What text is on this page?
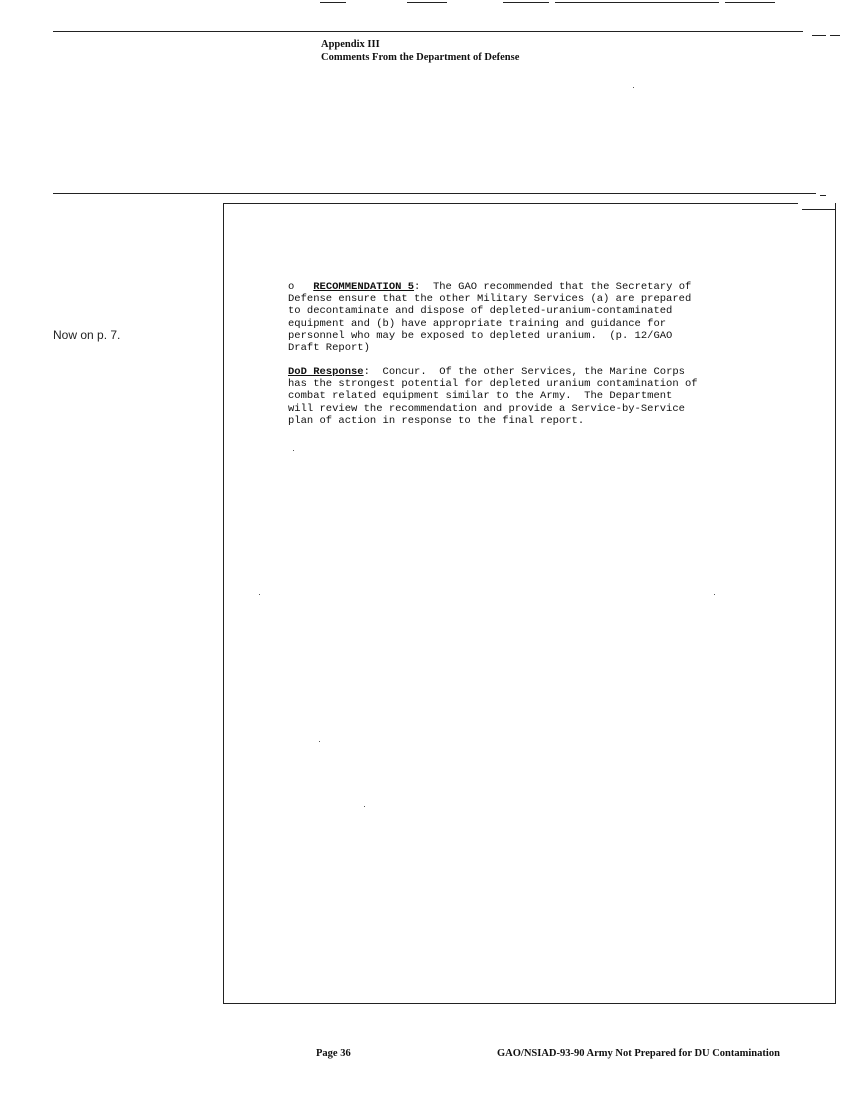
Appendix III
Comments From the Department of Defense
Now on p. 7.
o RECOMMENDATION 5:  The GAO recommended that the Secretary of
Defense ensure that the other Military Services (a) are prepared
to decontaminate and dispose of depleted-uranium-contaminated
equipment and (b) have appropriate training and guidance for
personnel who may be exposed to depleted uranium.  (p. 12/GAO
Draft Report)
DoD Response:  Concur.  Of the other Services, the Marine Corps
has the strongest potential for depleted uranium contamination of
combat related equipment similar to the Army.  The Department
will review the recommendation and provide a Service-by-Service
plan of action in response to the final report.
Page 36	GAO/NSIAD-93-90 Army Not Prepared for DU Contamination
